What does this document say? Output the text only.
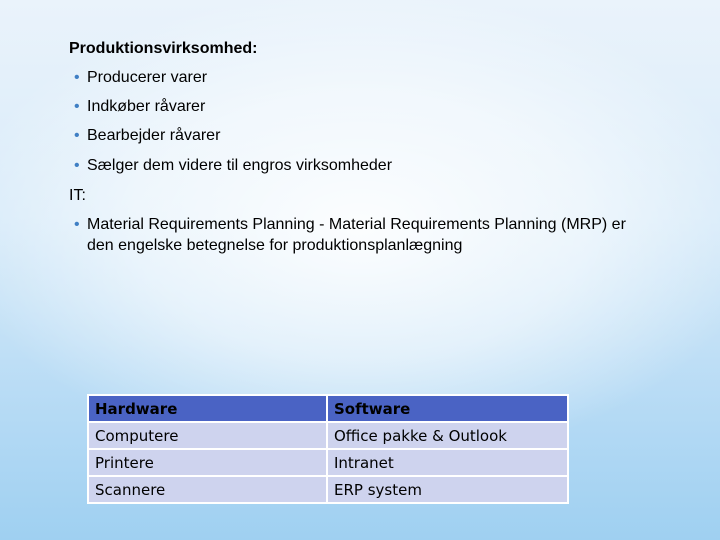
Produktionsvirksomhed:
• Producerer varer
• Indkøber råvarer
• Bearbejder råvarer
• Sælger dem videre til engros virksomheder
IT:
• Material Requirements Planning - Material Requirements Planning (MRP) er den engelske betegnelse for produktionsplanlægning
Hardware	Software
Computere	Office pakke & Outlook
Printere	Intranet
Scannere	ERP system
